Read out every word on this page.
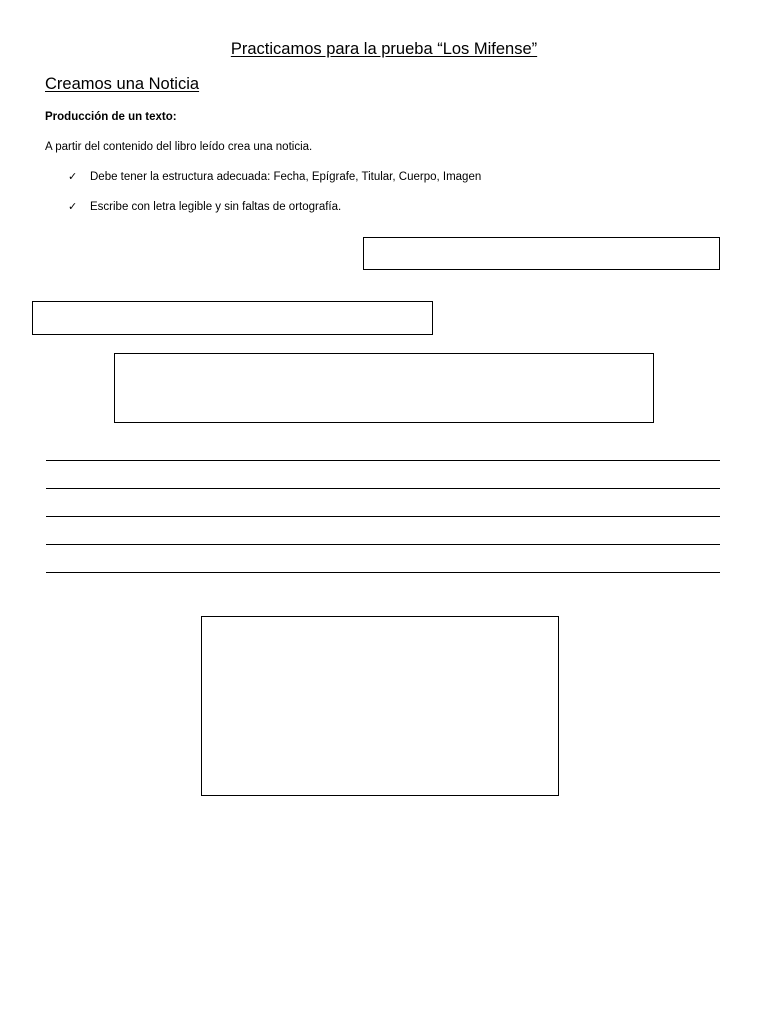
Practicamos para la prueba “Los Mifense”

Creamos una Noticia

Producción de un texto:

A partir del contenido del libro leído crea una noticia.

✓ Debe tener la estructura adecuada: Fecha, Epígrafe, Titular, Cuerpo, Imagen
✓ Escribe con letra legible y sin faltas de ortografía.
